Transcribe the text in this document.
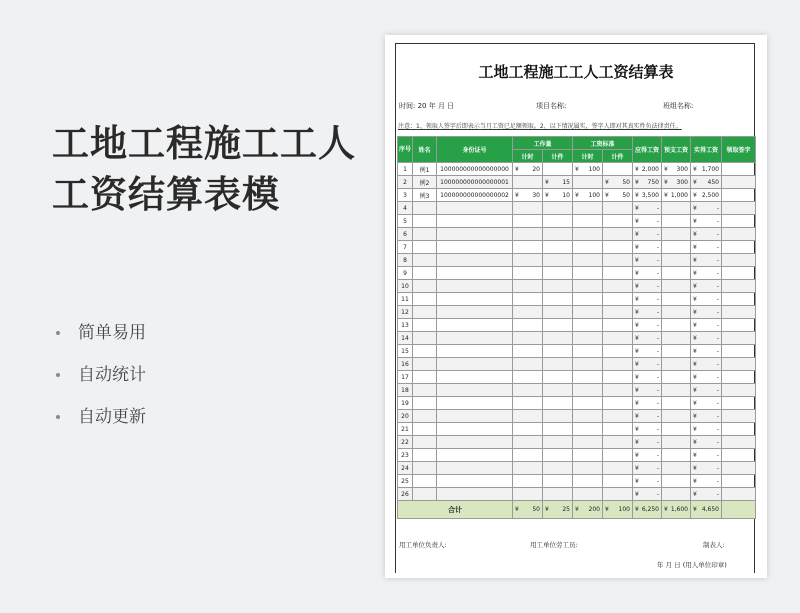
工地工程施工工人工资结算表模
简单易用
自动统计
自动更新
工地工程施工工人工资结算表
时间: 20 年 月 日	项目名称:	班组名称:
注意：1、领取人签字后即表示当月工资已足额领取。2、以下情况属实，签字人即对其真实性负法律责任。
序号	姓名	身份证号	工作量		工资标准		应得工资	预支工资	实得工资	领取签字
			计时	计件	计时	计件				
1	例1	100000000000000000	¥ 20		¥ 100		¥ 2,000	¥ 300	¥ 1,700	

2	例2	100000000000000001		¥ 15		¥ 50	¥ 750	¥ 300	¥ 450	

3	例3	100000000000000002	¥ 30	¥ 10	¥ 100	¥ 50	¥ 3,500	¥ 1,000	¥ 2,500	

4							¥ -		¥ -	

5							¥ -		¥ -	

6							¥ -		¥ -	

7							¥ -		¥ -	

8							¥ -		¥ -	

9							¥ -		¥ -	

10							¥ -		¥ -	

11							¥ -		¥ -	

12							¥ -		¥ -	

13							¥ -		¥ -	

14							¥ -		¥ -	

15							¥ -		¥ -	

16							¥ -		¥ -	

17							¥ -		¥ -	

18							¥ -		¥ -	

19							¥ -		¥ -	

20							¥ -		¥ -	

21							¥ -		¥ -	

22							¥ -		¥ -	

23							¥ -		¥ -	

24							¥ -		¥ -	

25							¥ -		¥ -	

26							¥ -		¥ -	

合计			¥ 50	¥ 25	¥ 200	¥ 100	¥ 6,250	¥ 1,600	¥ 4,650	

用工单位负责人:	用工单位劳工员:	制表人:
年 月 日 (用人单位印章)
